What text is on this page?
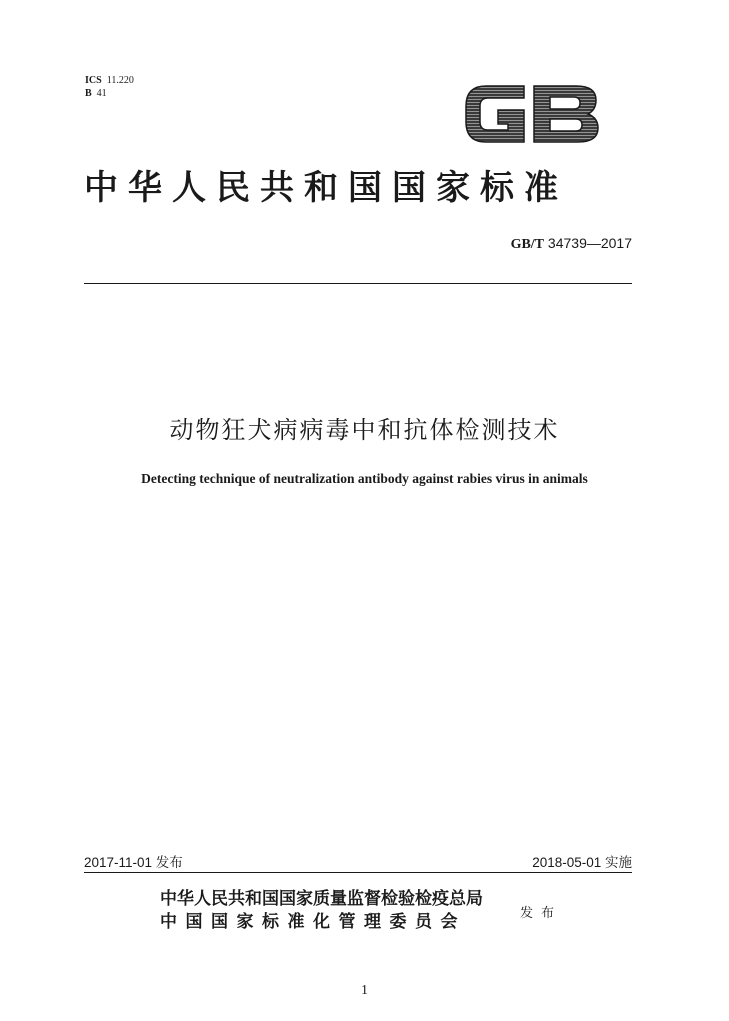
ICS 11.220
B 41
中华人民共和国国家标准
GB/T 34739—2017
动物狂犬病病毒中和抗体检测技术
Detecting technique of neutralization antibody against rabies virus in animals
2017-11-01 发布	2018-05-01 实施
中华人民共和国国家质量监督检验检疫总局
中国国家标准化管理委员会	发布
1
